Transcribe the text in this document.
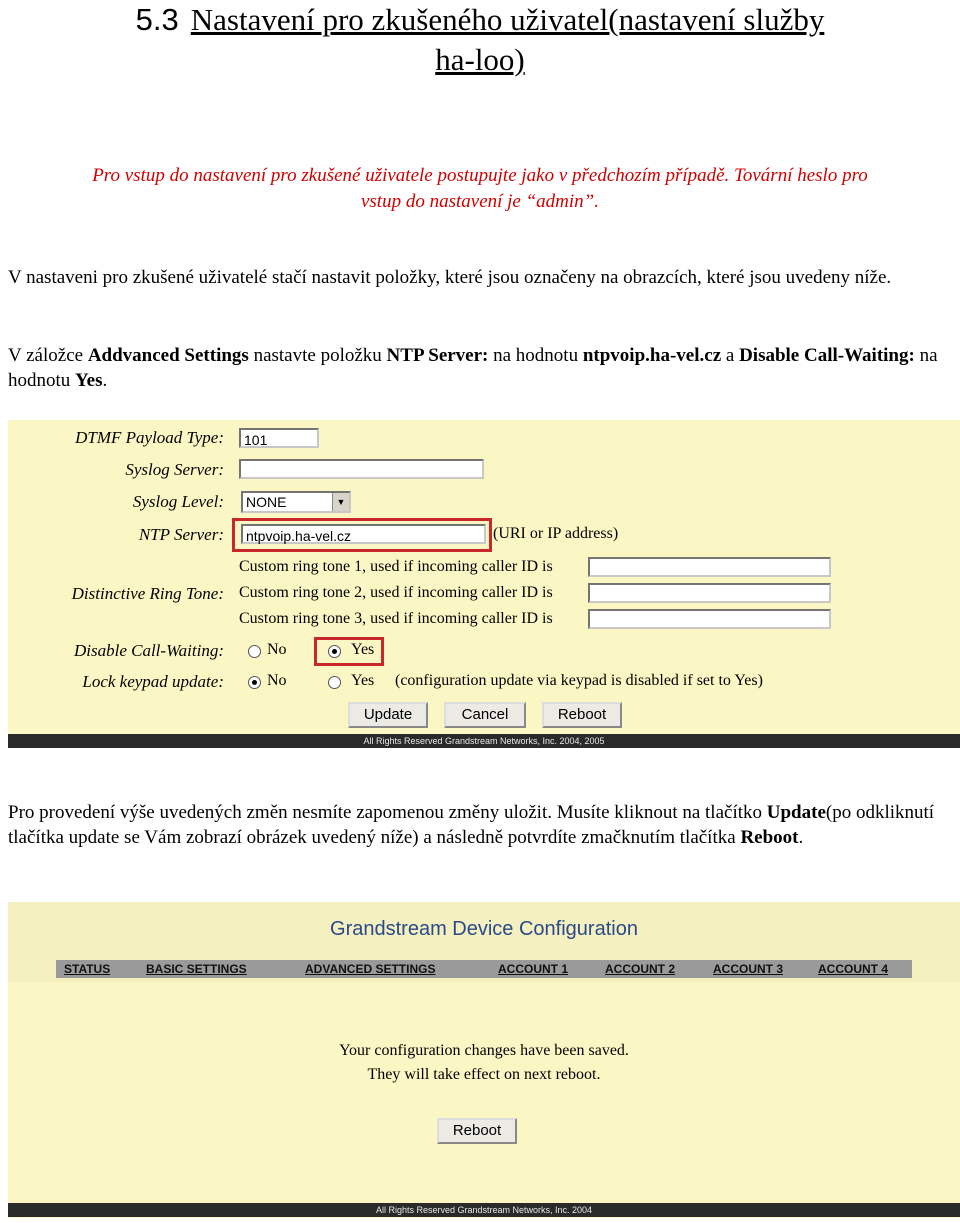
5.3 Nastavení pro zkušeného uživatel(nastavení služby
ha-loo)
Pro vstup do nastavení pro zkušené uživatele postupujte jako v předchozím případě. Tovární heslo pro
vstup do nastavení je “admin”.
V nastaveni pro zkušené uživatelé stačí nastavit položky, které jsou označeny na obrazcích, které jsou uvedeny níže.
V záložce Addvanced Settings nastavte položku NTP Server: na hodnotu ntpvoip.ha-vel.cz a Disable Call-Waiting: na hodnotu Yes.
DTMF Payload Type:	101
Syslog Server:
Syslog Level:	NONE	▼
NTP Server:	ntpvoip.ha-vel.cz	(URI or IP address)
Custom ring tone 1, used if incoming caller ID is
Distinctive Ring Tone: Custom ring tone 2, used if incoming caller ID is
Custom ring tone 3, used if incoming caller ID is
Disable Call-Waiting:	No	Yes
Lock keypad update:	No	Yes (configuration update via keypad is disabled if set to Yes)
Update	Cancel	Reboot
All Rights Reserved Grandstream Networks, Inc. 2004, 2005
Pro provedení výše uvedených změn nesmíte zapomenou změny uložit. Musíte kliknout na tlačítko Update(po odkliknutí tlačítka update se Vám zobrazí obrázek uvedený níže) a následně potvrdíte zmačknutím tlačítka Reboot.
Grandstream Device Configuration
STATUS	BASIC SETTINGS	ADVANCED SETTINGS	ACCOUNT 1	ACCOUNT 2	ACCOUNT 3	ACCOUNT 4
Your configuration changes have been saved.
They will take effect on next reboot.
Reboot
All Rights Reserved Grandstream Networks, Inc. 2004
